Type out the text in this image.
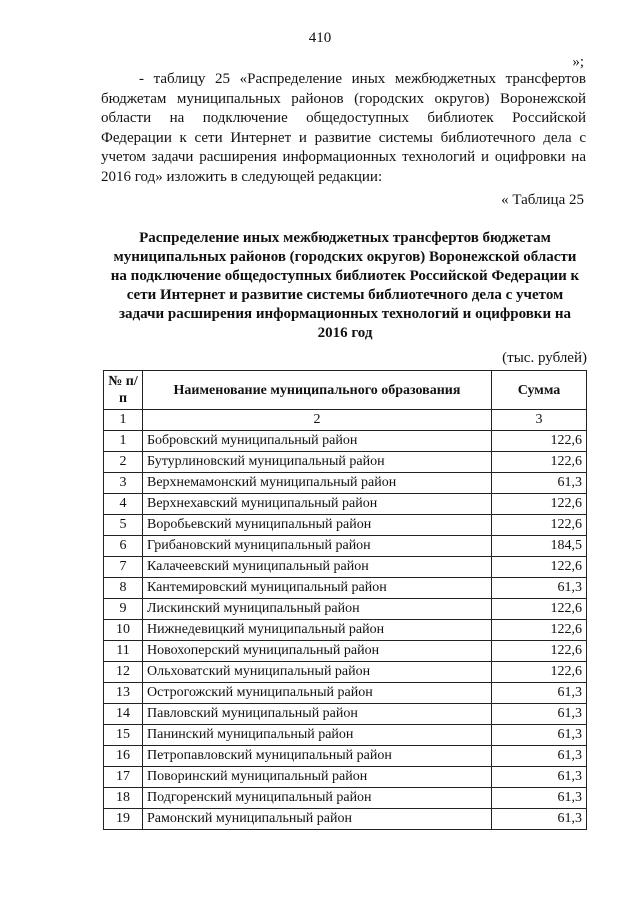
410
»;

- таблицу 25 «Распределение иных межбюджетных трансфертов бюджетам муниципальных районов (городских округов) Воронежской области на подключение общедоступных библиотек Российской Федерации к сети Интернет и развитие системы библиотечного дела с учетом задачи расширения информационных технологий и оцифровки на 2016 год» изложить в следующей редакции:

« Таблица 25

Распределение иных межбюджетных трансфертов бюджетам муниципальных районов (городских округов) Воронежской области на подключение общедоступных библиотек Российской Федерации к сети Интернет и развитие системы библиотечного дела с учетом задачи расширения информационных технологий и оцифровки на 2016 год

(тыс. рублей)
№ п/п	Наименование муниципального образования	Сумма
1	2	3
1	Бобровский муниципальный район	122,6
2	Бутурлиновский муниципальный район	122,6
3	Верхнемамонский муниципальный район	61,3
4	Верхнехавский муниципальный район	122,6
5	Воробьевский муниципальный район	122,6
6	Грибановский муниципальный район	184,5
7	Калачеевский муниципальный район	122,6
8	Кантемировский муниципальный район	61,3
9	Лискинский муниципальный район	122,6
10	Нижнедевицкий муниципальный район	122,6
11	Новохоперский муниципальный район	122,6
12	Ольховатский муниципальный район	122,6
13	Острогожский муниципальный район	61,3
14	Павловский муниципальный район	61,3
15	Панинский муниципальный район	61,3
16	Петропавловский муниципальный район	61,3
17	Поворинский муниципальный район	61,3
18	Подгоренский муниципальный район	61,3
19	Рамонский муниципальный район	61,3
